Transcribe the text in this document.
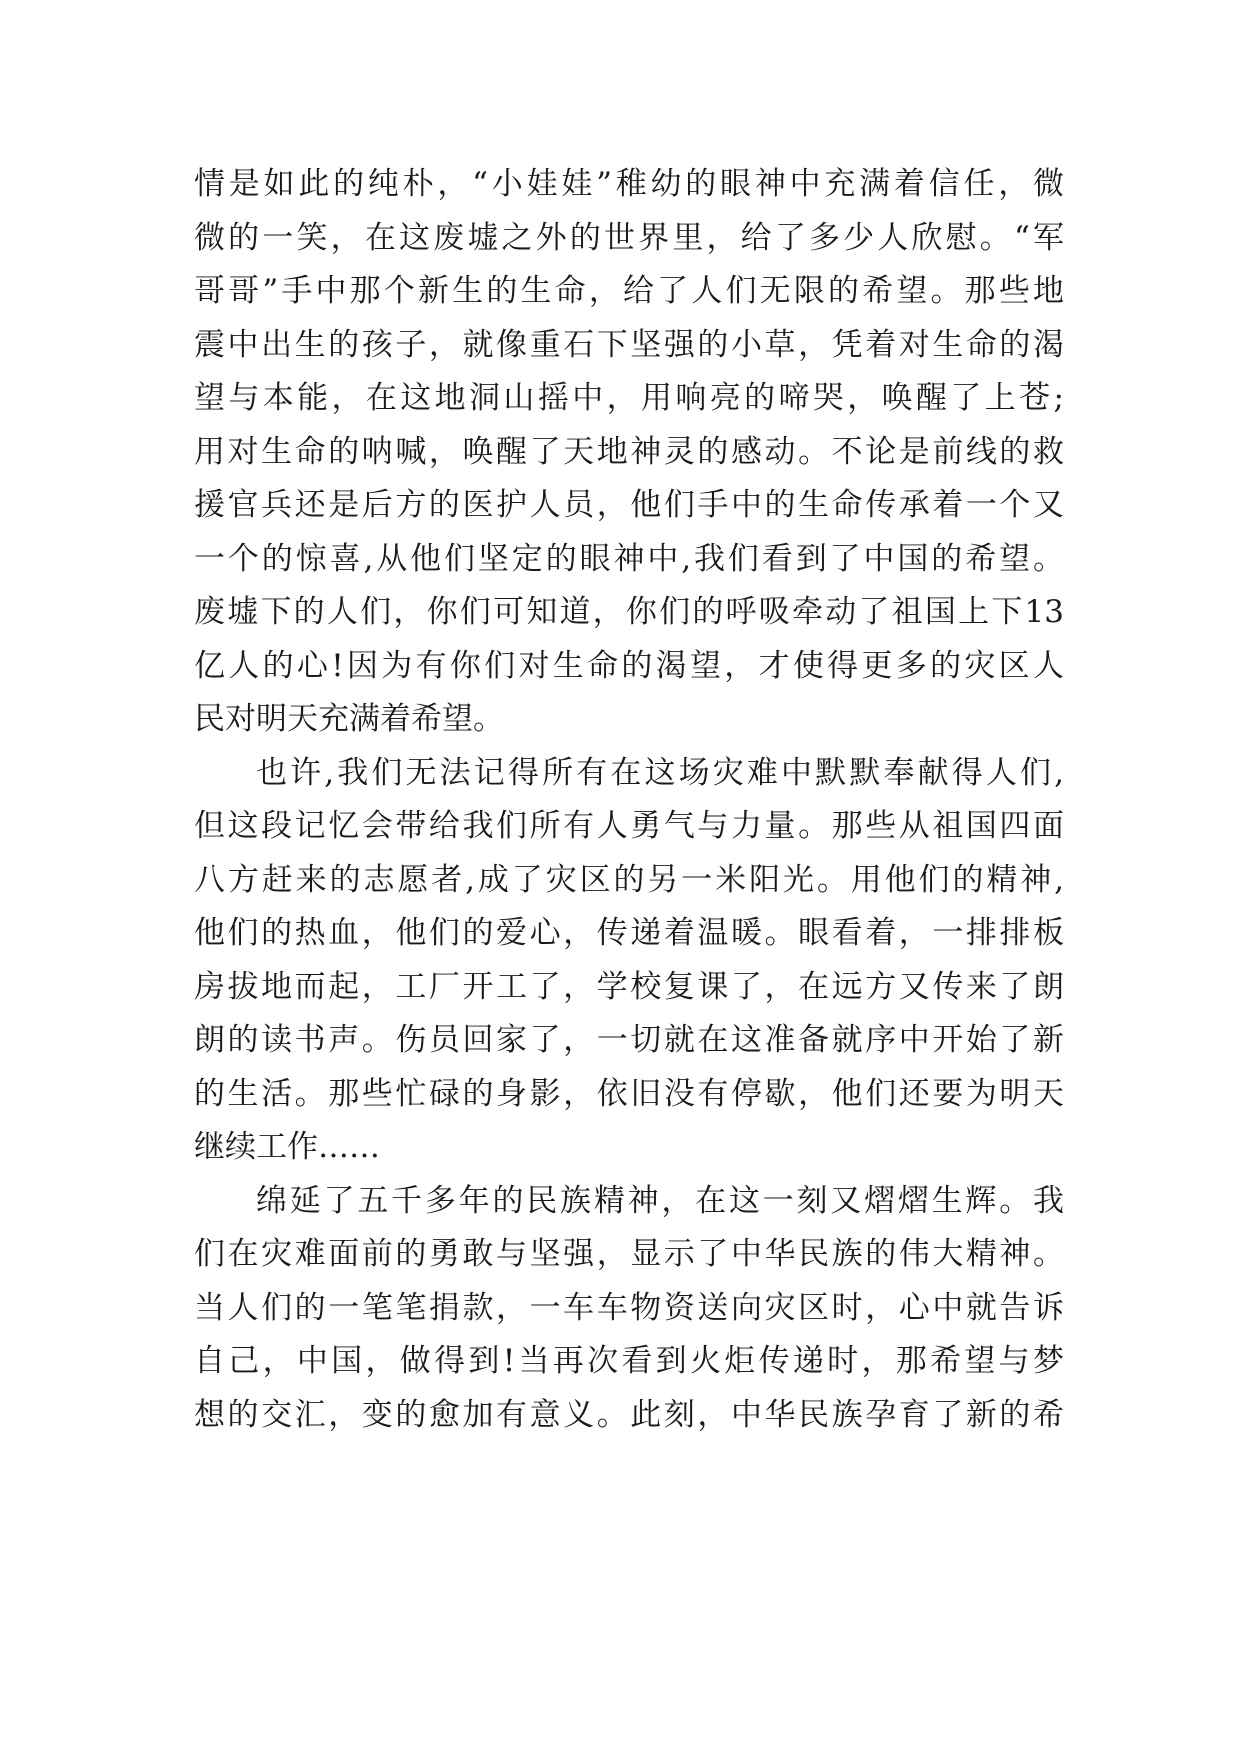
情是如此的纯朴，“小娃娃”稚幼的眼神中充满着信任，微
微的一笑，在这废墟之外的世界里，给了多少人欣慰。“军
哥哥”手中那个新生的生命，给了人们无限的希望。那些地
震中出生的孩子，就像重石下坚强的小草，凭着对生命的渴
望与本能，在这地洞山摇中，用响亮的啼哭，唤醒了上苍;
用对生命的呐喊，唤醒了天地神灵的感动。不论是前线的救
援官兵还是后方的医护人员，他们手中的生命传承着一个又
一个的惊喜,从他们坚定的眼神中,我们看到了中国的希望。
废墟下的人们，你们可知道，你们的呼吸牵动了祖国上下13
亿人的心!因为有你们对生命的渴望，才使得更多的灾区人
民对明天充满着希望。
也许,我们无法记得所有在这场灾难中默默奉献得人们,
但这段记忆会带给我们所有人勇气与力量。那些从祖国四面
八方赶来的志愿者,成了灾区的另一米阳光。用他们的精神,
他们的热血，他们的爱心，传递着温暖。眼看着，一排排板
房拔地而起，工厂开工了，学校复课了，在远方又传来了朗
朗的读书声。伤员回家了，一切就在这准备就序中开始了新
的生活。那些忙碌的身影，依旧没有停歇，他们还要为明天
继续工作……
绵延了五千多年的民族精神，在这一刻又熠熠生辉。我
们在灾难面前的勇敢与坚强，显示了中华民族的伟大精神。
当人们的一笔笔捐款，一车车物资送向灾区时，心中就告诉
自己，中国，做得到!当再次看到火炬传递时，那希望与梦
想的交汇，变的愈加有意义。此刻，中华民族孕育了新的希
